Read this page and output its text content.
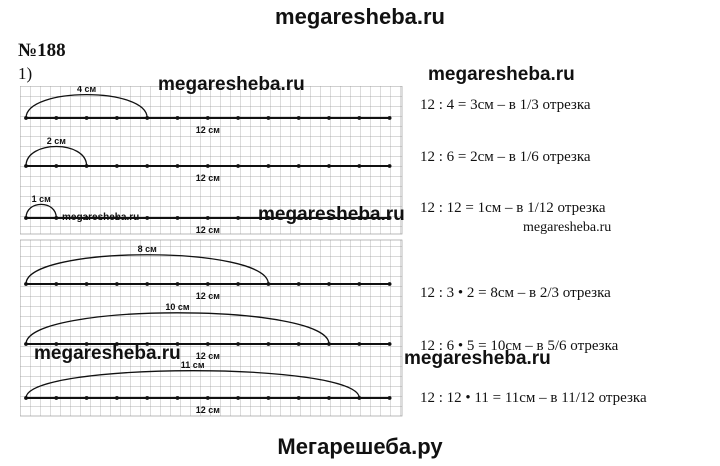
megaresheba.ru
№188
1)
4 см
12 см
2 см
12 см
1 см
12 см
8 см
12 см
10 см
12 см
11 см
12 см
12 : 4 = 3см – в 1/3 отрезка
12 : 6 = 2см – в 1/6 отрезка
12 : 12 = 1см – в 1/12 отрезка
12 : 3 • 2 = 8см – в 2/3 отрезка
12 : 6 • 5 = 10см – в 5/6 отрезка
12 : 12 • 11 = 11см – в 11/12 отрезка
megaresheba.ru	megaresheba.ru
megaresheba.ru	megaresheba.ru
megaresheba.ru
megaresheba.ru	megaresheba.ru
Мегарешеба.ру
